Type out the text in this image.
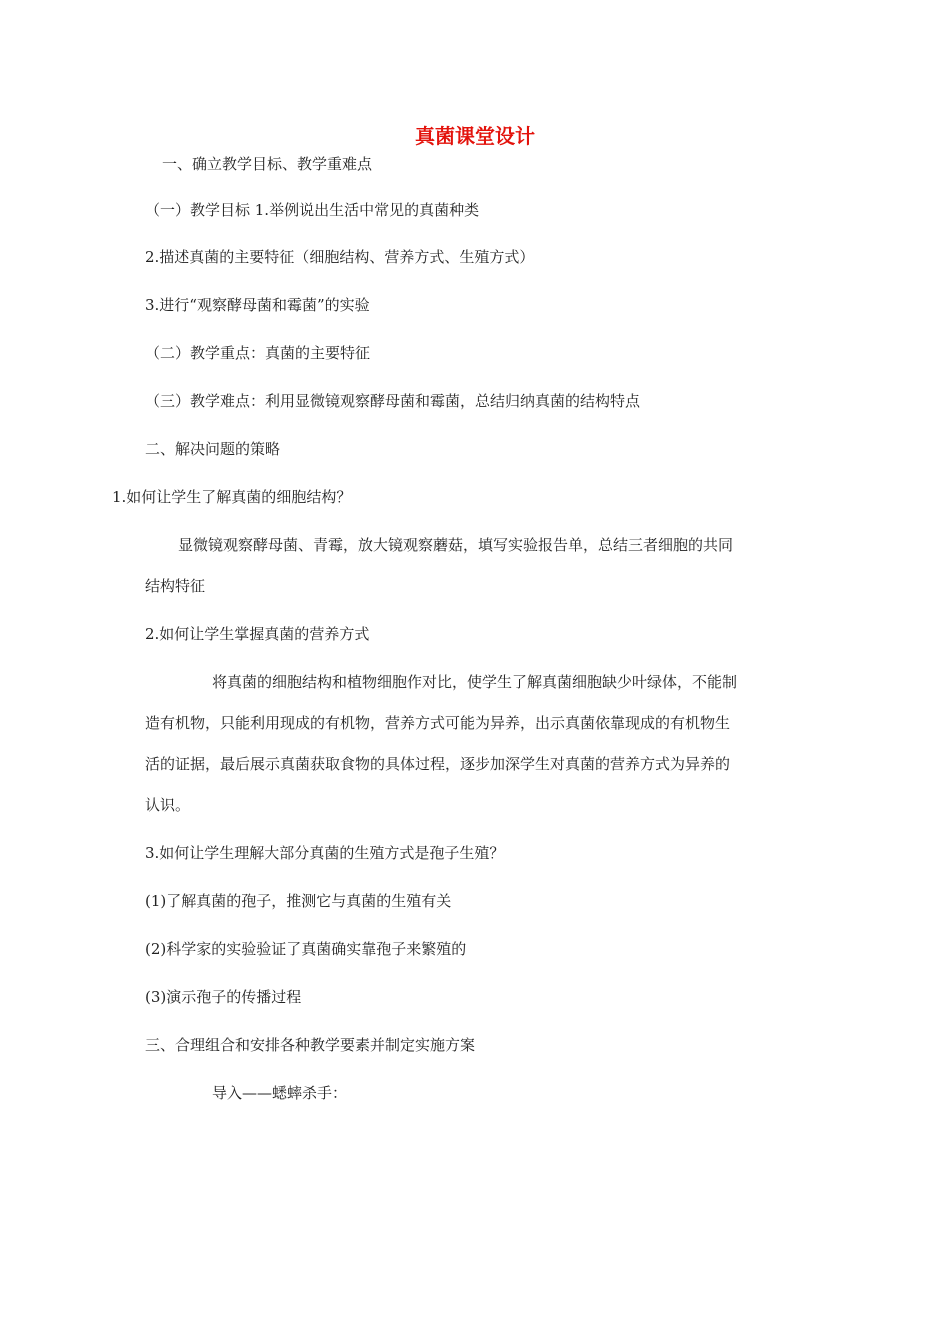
真菌课堂设计
一、确立教学目标、教学重难点
（一）教学目标 1.举例说出生活中常见的真菌种类
2.描述真菌的主要特征（细胞结构、营养方式、生殖方式）
3.进行“观察酵母菌和霉菌”的实验
（二）教学重点：真菌的主要特征
（三）教学难点：利用显微镜观察酵母菌和霉菌，总结归纳真菌的结构特点
二、解决问题的策略
1.如何让学生了解真菌的细胞结构？
显微镜观察酵母菌、青霉，放大镜观察蘑菇，填写实验报告单，总结三者细胞的共同
结构特征
2.如何让学生掌握真菌的营养方式
将真菌的细胞结构和植物细胞作对比，使学生了解真菌细胞缺少叶绿体，不能制
造有机物，只能利用现成的有机物，营养方式可能为异养，出示真菌依靠现成的有机物生
活的证据，最后展示真菌获取食物的具体过程，逐步加深学生对真菌的营养方式为异养的
认识。
3.如何让学生理解大部分真菌的生殖方式是孢子生殖？
(1)了解真菌的孢子，推测它与真菌的生殖有关
(2)科学家的实验验证了真菌确实靠孢子来繁殖的
(3)演示孢子的传播过程
三、合理组合和安排各种教学要素并制定实施方案
导入——蟋蟀杀手：
